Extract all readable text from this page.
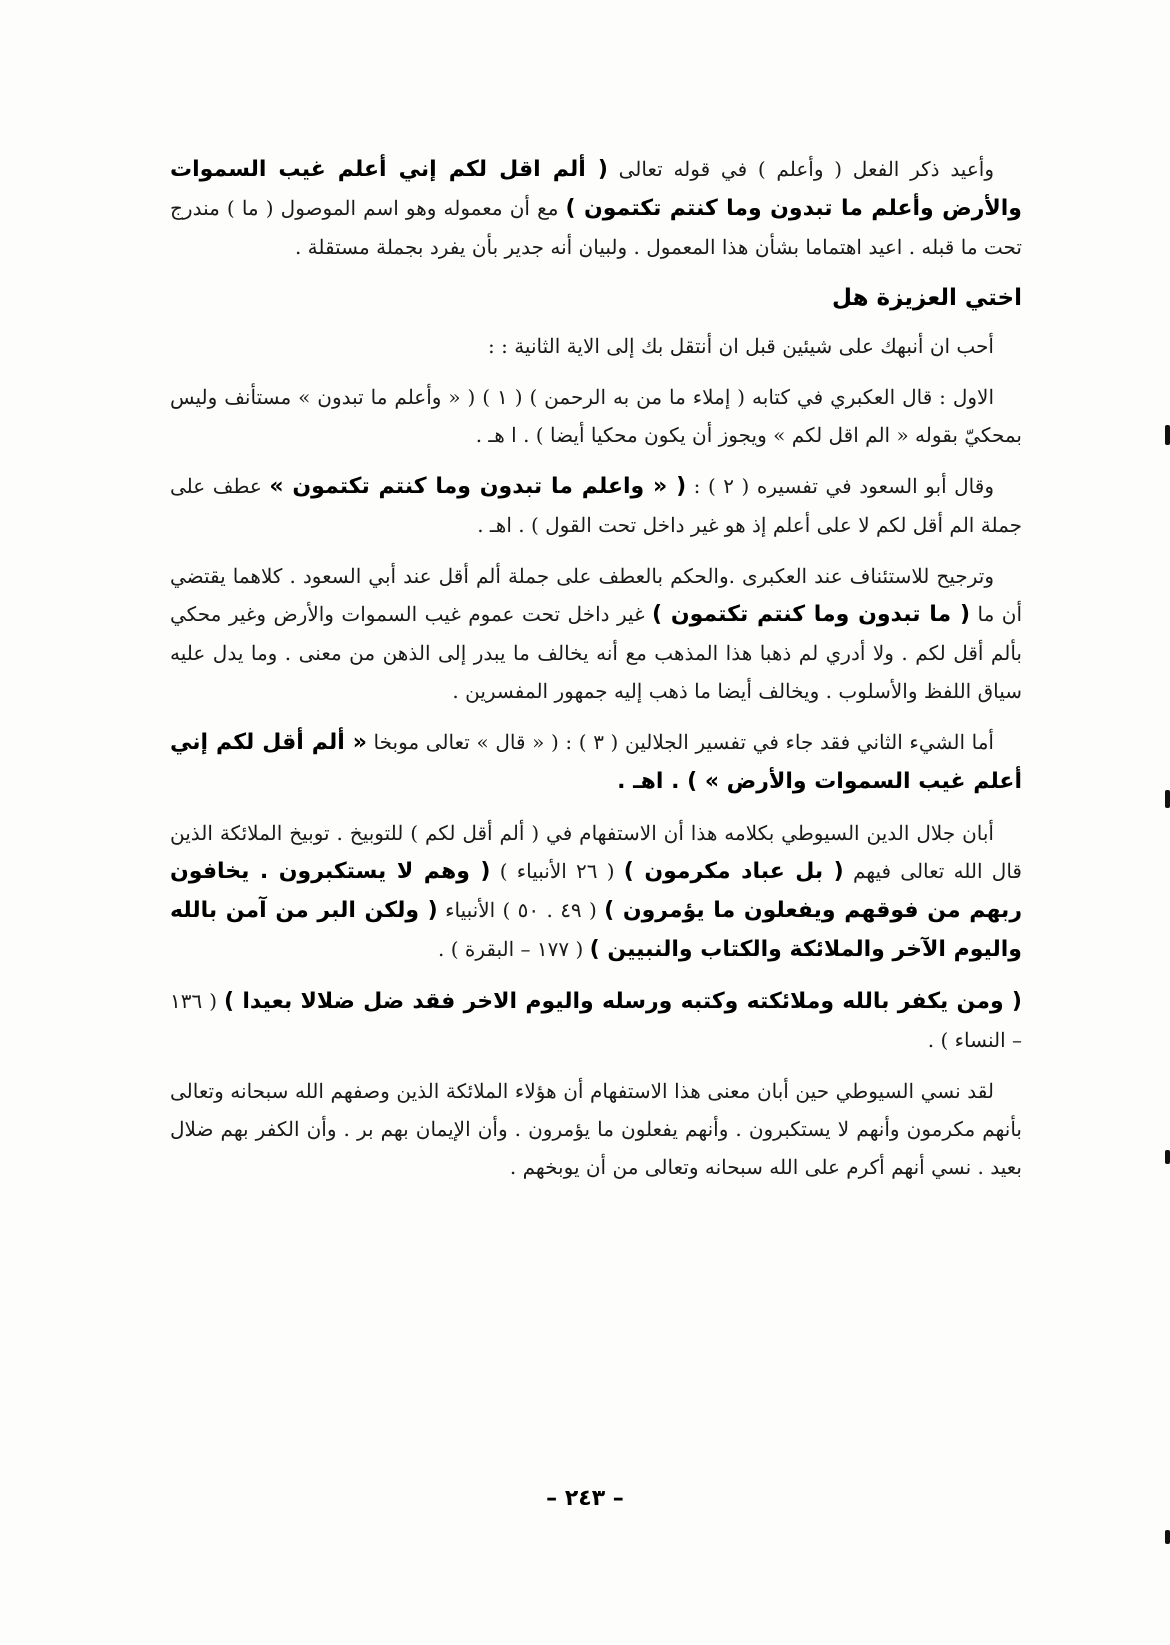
وأعيد ذكر الفعل ( وأعلم ) في قوله تعالى ( ألم اقل لكم إني أعلم غيب السموات والأرض وأعلم ما تبدون وما كنتم تكتمون ) مع أن معموله وهو اسم الموصول ( ما ) مندرج تحت ما قبله . اعيد اهتماما بشأن هذا المعمول . ولبيان أنه جدير بأن يفرد بجملة مستقلة .

اختي العزيزة هل

أحب ان أنبهك على شيئين قبل ان أنتقل بك إلى الاية الثانية : :

الاول : قال العكبري في كتابه ( إملاء ما من به الرحمن ) ( ١ ) ( « وأعلم ما تبدون » مستأنف وليس بمحكيّ بقوله « الم اقل لكم » ويجوز أن يكون محكيا أيضا ) . ا هـ .

وقال أبو السعود في تفسيره ( ٢ ) : ( « واعلم ما تبدون وما كنتم تكتمون » عطف على جملة الم أقل لكم لا على أعلم إذ هو غير داخل تحت القول ) . اهـ .

وترجيح للاستئناف عند العكبرى .والحكم بالعطف على جملة ألم أقل عند أبي السعود . كلاهما يقتضي أن ما ( ما تبدون وما كنتم تكتمون ) غير داخل تحت عموم غيب السموات والأرض وغير محكي بألم أقل لكم . ولا أدري لم ذهبا هذا المذهب مع أنه يخالف ما يبدر إلى الذهن من معنى . وما يدل عليه سياق اللفظ والأسلوب . ويخالف أيضا ما ذهب إليه جمهور المفسرين .

أما الشيء الثاني فقد جاء في تفسير الجلالين ( ٣ ) : ( « قال » تعالى موبخا « ألم أقل لكم إني أعلم غيب السموات والأرض » ) . اهـ .

أبان جلال الدين السيوطي بكلامه هذا أن الاستفهام في ( ألم أقل لكم ) للتوبيخ . توبيخ الملائكة الذين قال الله تعالى فيهم ( بل عباد مكرمون ) ( ٢٦ الأنبياء ) ( وهم لا يستكبرون . يخافون ربهم من فوقهم ويفعلون ما يؤمرون ) ( ٤٩ . ٥٠ ) الأنبياء ( ولكن البر من آمن بالله واليوم الآخر والملائكة والكتاب والنبيين ) ( ١٧٧ – البقرة ) .

( ومن يكفر بالله وملائكته وكتبه ورسله واليوم الاخر فقد ضل ضلالا بعيدا ) ( ١٣٦ – النساء ) .

لقد نسي السيوطي حين أبان معنى هذا الاستفهام أن هؤلاء الملائكة الذين وصفهم الله سبحانه وتعالى بأنهم مكرمون وأنهم لا يستكبرون . وأنهم يفعلون ما يؤمرون . وأن الإيمان بهم بر . وأن الكفر بهم ضلال بعيد . نسي أنهم أكرم على الله سبحانه وتعالى من أن يوبخهم .

– ٢٤٣ –
